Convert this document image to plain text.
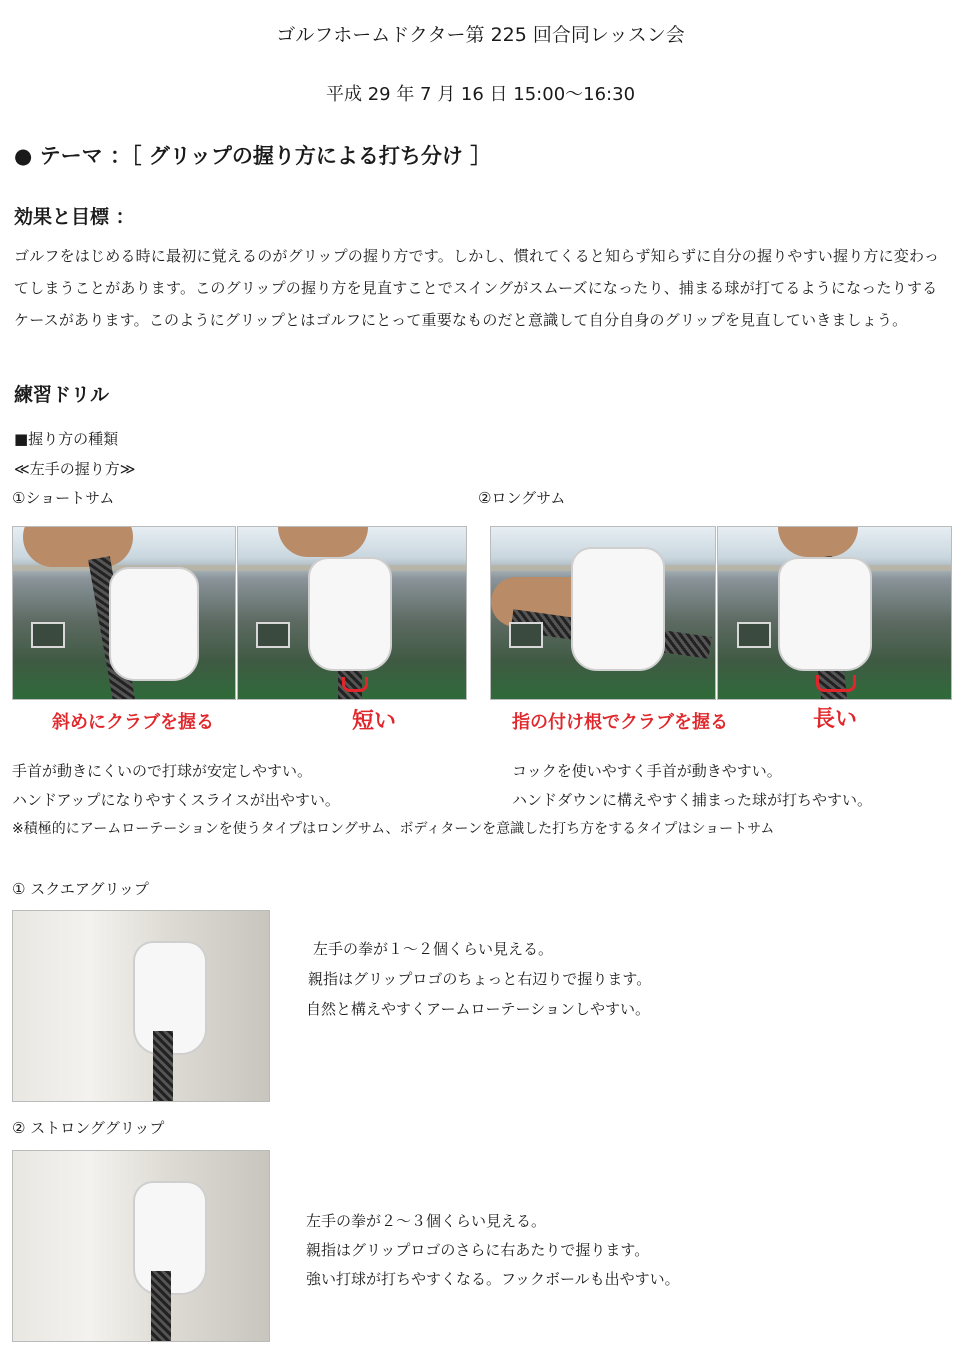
ゴルフホームドクター第 225 回合同レッスン会
平成 29 年 7 月 16 日 15:00～16:30
● テーマ ：［ グリップの握り方による打ち分け ］
効果と目標 ：
ゴルフをはじめる時に最初に覚えるのがグリップの握り方です。しかし、慣れてくると知らず知らずに自分の握りやすい握り方に変わってしまうことがあります。このグリップの握り方を見直すことでスイングがスムーズになったり、捕まる球が打てるようになったりするケースがあります。このようにグリップとはゴルフにとって重要なものだと意識して自分自身のグリップを見直していきましょう。
練習ドリル
■握り方の種類
≪左手の握り方≫
①ショートサム	②ロングサム
斜めにクラブを握る	短い	指の付け根でクラブを握る	長い
手首が動きにくいので打球が安定しやすい。
ハンドアップになりやすくスライスが出やすい。
コックを使いやすく手首が動きやすい。
ハンドダウンに構えやすく捕まった球が打ちやすい。
※積極的にアームローテーションを使うタイプはロングサム、ボディターンを意識した打ち方をするタイプはショートサム
① スクエアグリップ
左手の拳が１～２個くらい見える。
親指はグリップロゴのちょっと右辺りで握ります。
自然と構えやすくアームローテーションしやすい。
② ストロンググリップ
左手の拳が２～３個くらい見える。
親指はグリップロゴのさらに右あたりで握ります。
強い打球が打ちやすくなる。フックボールも出やすい。
